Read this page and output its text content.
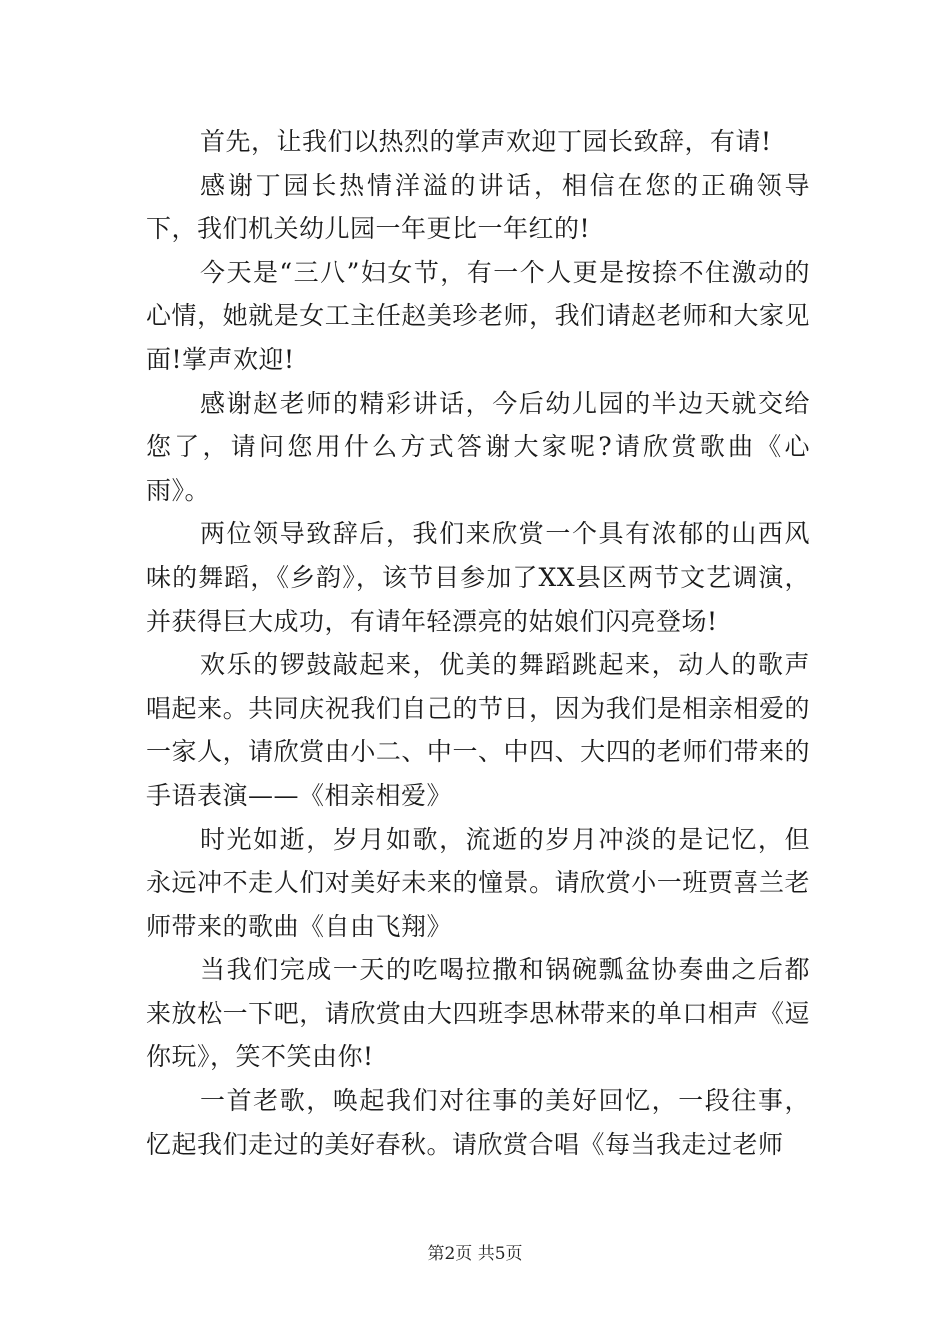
首先，让我们以热烈的掌声欢迎丁园长致辞，有请!

感谢丁园长热情洋溢的讲话，相信在您的正确领导下，我们机关幼儿园一年更比一年红的!

今天是“三八”妇女节，有一个人更是按捺不住激动的心情，她就是女工主任赵美珍老师，我们请赵老师和大家见面!掌声欢迎!

感谢赵老师的精彩讲话，今后幼儿园的半边天就交给您了，请问您用什么方式答谢大家呢?请欣赏歌曲《心雨》。

两位领导致辞后，我们来欣赏一个具有浓郁的山西风味的舞蹈，《乡韵》，该节目参加了XX县区两节文艺调演，并获得巨大成功，有请年轻漂亮的姑娘们闪亮登场!

欢乐的锣鼓敲起来，优美的舞蹈跳起来，动人的歌声唱起来。共同庆祝我们自己的节日，因为我们是相亲相爱的一家人，请欣赏由小二、中一、中四、大四的老师们带来的手语表演——《相亲相爱》

时光如逝，岁月如歌，流逝的岁月冲淡的是记忆，但永远冲不走人们对美好未来的憧景。请欣赏小一班贾喜兰老师带来的歌曲《自由飞翔》

当我们完成一天的吃喝拉撒和锅碗瓢盆协奏曲之后都来放松一下吧，请欣赏由大四班李思林带来的单口相声《逗你玩》，笑不笑由你!

一首老歌，唤起我们对往事的美好回忆，一段往事，忆起我们走过的美好春秋。请欣赏合唱《每当我走过老师

第2页 共5页
